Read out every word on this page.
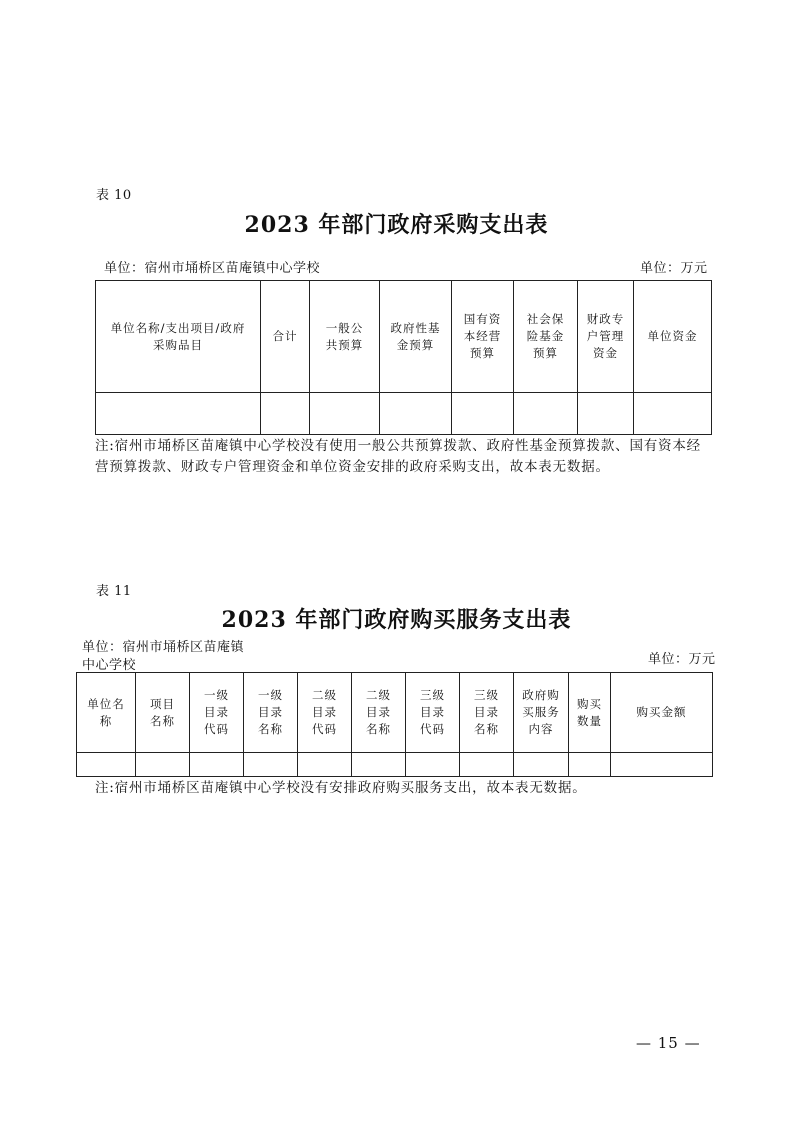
表 10
2023 年部门政府采购支出表
单位：宿州市埇桥区苗庵镇中心学校	单位：万元
单位名称/支出项目/政府采购品目	合计	一般公共预算	政府性基金预算	国有资本经营预算	社会保险基金预算	财政专户管理资金	单位资金

注:宿州市埇桥区苗庵镇中心学校没有使用一般公共预算拨款、政府性基金预算拨款、国有资本经营预算拨款、财政专户管理资金和单位资金安排的政府采购支出，故本表无数据。
表 11
2023 年部门政府购买服务支出表
单位：宿州市埇桥区苗庵镇中心学校	单位：万元
单位名称	项目名称	一级目录代码	一级目录名称	二级目录代码	二级目录名称	三级目录代码	三级目录名称	政府购买服务内容	购买数量	购买金额

注:宿州市埇桥区苗庵镇中心学校没有安排政府购买服务支出，故本表无数据。
— 15 —
